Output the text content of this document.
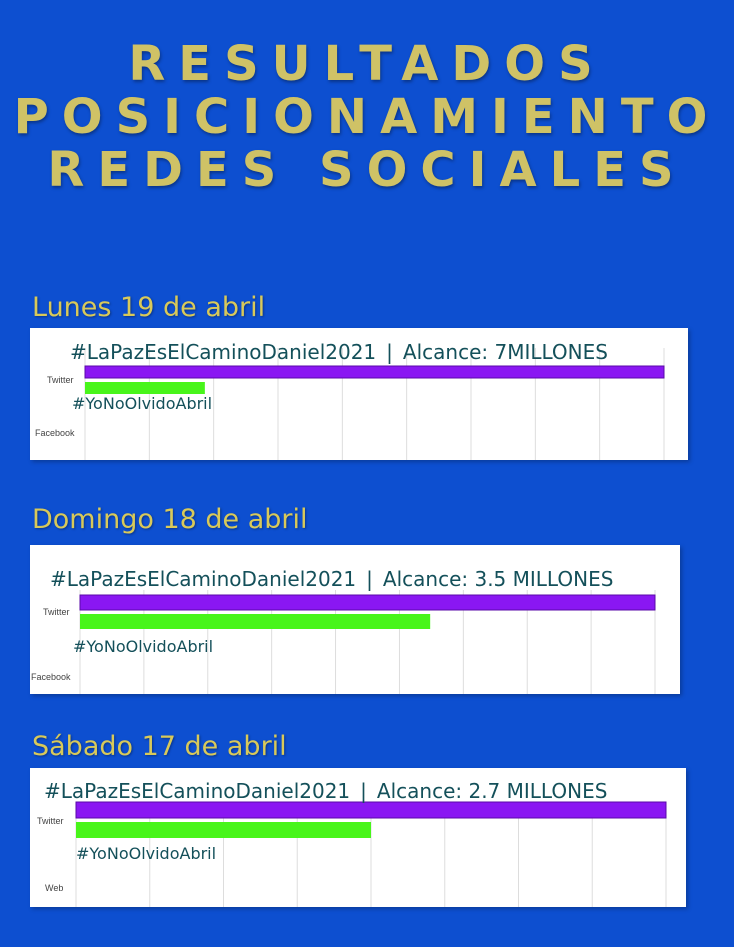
RESULTADOS
POSICIONAMIENTO
REDES SOCIALES
Lunes 19 de abril
#LaPazEsElCaminoDaniel2021 | Alcance: 7MILLONES
#YoNoOlvidoAbril
Twitter
Facebook
Domingo 18 de abril
#LaPazEsElCaminoDaniel2021 | Alcance: 3.5 MILLONES
#YoNoOlvidoAbril
Twitter
Facebook
Sábado 17 de abril
#LaPazEsElCaminoDaniel2021 | Alcance: 2.7 MILLONES
#YoNoOlvidoAbril
Twitter
Web
